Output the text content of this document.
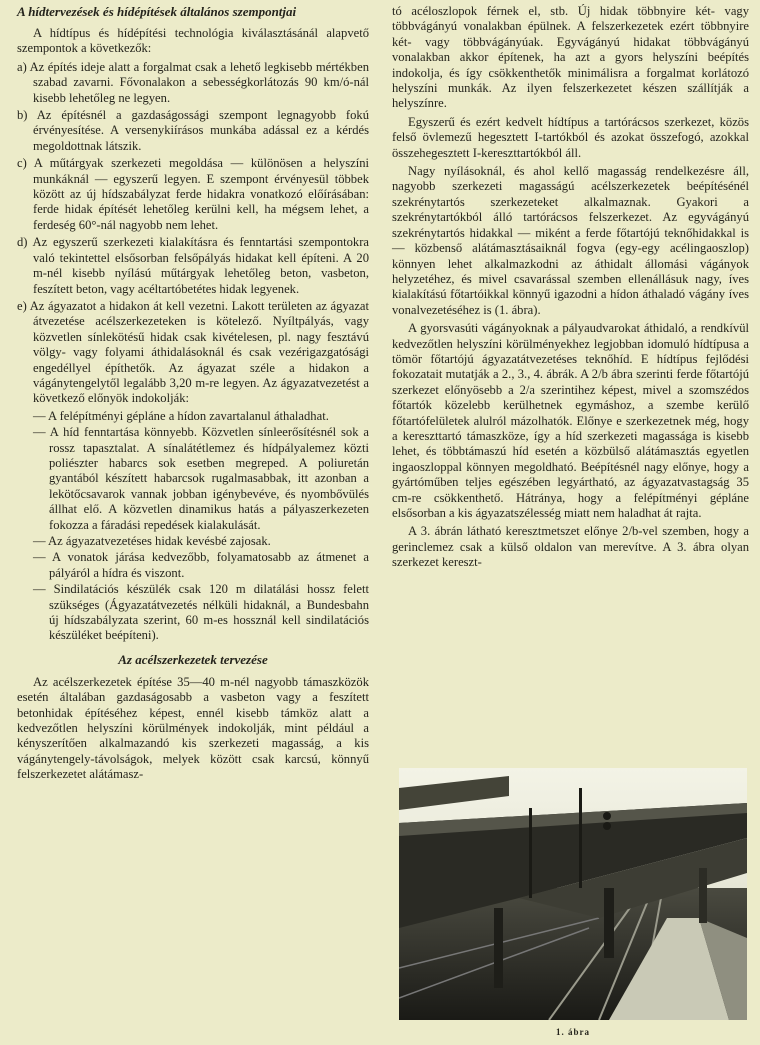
A hídtervezések és hídépítések általános szempontjai

A hídtípus és hídépítési technológia kiválasztásánál alapvető szempontok a következők:

a) Az építés ideje alatt a forgalmat csak a lehető legkisebb mértékben szabad zavarni. Fővonalakon a sebességkorlátozás 90 km/ó-nál kisebb lehetőleg ne legyen.
b) Az építésnél a gazdaságossági szempont legnagyobb fokú érvényesítése. A versenykiírásos munkába adással ez a kérdés megoldottnak látszik.
c) A műtárgyak szerkezeti megoldása — különösen a helyszíni munkáknál — egyszerű legyen. E szempont érvényesül többek között az új hídszabályzat ferde hidakra vonatkozó előírásában: ferde hidak építését lehetőleg kerülni kell, ha mégsem lehet, a ferdeség 60°-nál nagyobb nem lehet.
d) Az egyszerű szerkezeti kialakításra és fenntartási szempontokra való tekintettel elsősorban felsőpályás hidakat kell építeni. A 20 m-nél kisebb nyílású műtárgyak lehetőleg beton, vasbeton, feszített beton, vagy acéltartóbetétes hidak legyenek.
e) Az ágyazatot a hidakon át kell vezetni. Lakott területen az ágyazat átvezetése acélszerkezeteken is kötelező. Nyíltpályás, vagy közvetlen sínlekötésű hidak csak kivételesen, pl. nagy fesztávú völgy- vagy folyami áthidalásoknál és csak vezérigazgatósági engedéllyel építhetők. Az ágyazat széle a hidakon a vágánytengelytől legalább 3,20 m-re legyen. Az ágyazatvezetést a következő előnyök indokolják:
— A felépítményi gépláne a hídon zavartalanul áthaladhat.
— A híd fenntartása könnyebb. Közvetlen sínleerősítésnél sok a rossz tapasztalat. A sínalátétlemez és hídpályalemez közti poliészter habarcs sok esetben megreped. A poliuretán gyantából készített habarcsok rugalmasabbak, itt azonban a lekötőcsavarok vannak jobban igénybevéve, és nyombővülés állhat elő. A közvetlen dinamikus hatás a pályaszerkezeten fokozza a fáradási repedések kialakulását.
— Az ágyazatvezetéses hidak kevésbé zajosak.
— A vonatok járása kedvezőbb, folyamatosabb az átmenet a pályáról a hídra és viszont.
— Sindilatációs készülék csak 120 m dilatálási hossz felett szükséges (Ágyazatátvezetés nélküli hidaknál, a Bundesbahn új hídszabályzata szerint, 60 m-es hossznál kell sindilatációs készüléket beépíteni).
Az acélszerkezetek tervezése

Az acélszerkezetek építése 35—40 m-nél nagyobb támaszközök esetén általában gazdaságosabb a vasbeton vagy a feszített betonhidak építéséhez képest, ennél kisebb támköz alatt a kedvezőtlen helyszíni körülmények indokolják, mint például a kényszerítően alkalmazandó kis szerkezeti magasság, a kis vágánytengely-távolságok, melyek között csak karcsú, könnyű felszerkezetet alátámasz-

tó acéloszlopok férnek el, stb. Új hidak többnyire két- vagy többvágányú vonalakban épülnek. A felszerkezetek ezért többnyire két- vagy többvágányúak. Egyvágányú hidakat többvágányú vonalakban akkor építenek, ha azt a gyors helyszíni beépítés indokolja, és így csökkenthetők minimálisra a forgalmat korlátozó helyszíni munkák. Az ilyen felszerkezetet készen szállítják a helyszínre.

Egyszerű és ezért kedvelt hídtípus a tartórácsos szerkezet, közös felső övlemezű hegesztett I-tartókból és azokat összefogó, azokkal összehegesztett I-kereszttartókból áll.

Nagy nyílásoknál, és ahol kellő magasság rendelkezésre áll, nagyobb szerkezeti magasságú acélszerkezetek beépítésénél szekrénytartós szerkezeteket alkalmaznak. Gyakori a szekrénytartókból álló tartórácsos felszerkezet. Az egyvágányú szekrénytartós hidakkal — miként a ferde főtartójú teknőhidakkal is — közbenső alátámasztásaiknál fogva (egy-egy acélingaoszlop) könnyen lehet alkalmazkodni az áthidalt állomási vágányok helyzetéhez, és mivel csavarással szemben ellenállásuk nagy, íves kialakítású főtartóikkal könnyű igazodni a hídon áthaladó vágány íves vonalvezetéséhez is (1. ábra).

A gyorsvasúti vágányoknak a pályaudvarokat áthidaló, a rendkívül kedvezőtlen helyszíni körülményekhez legjobban idomuló hídtípusa a tömör főtartójú ágyazatátvezetéses teknőhíd. E hídtípus fejlődési fokozatait mutatják a 2., 3., 4. ábrák. A 2/b ábra szerinti ferde főtartójú szerkezet előnyösebb a 2/a szerintihez képest, mivel a szomszédos főtartók közelebb kerülhetnek egymáshoz, a szembe kerülő főtartófelületek alulról mázolhatók. Előnye e szerkezetnek még, hogy a kereszttartó támaszköze, így a híd szerkezeti magassága is kisebb lehet, és többtámaszú híd esetén a közbülső alátámasztás egyetlen ingaoszloppal könnyen megoldható. Beépítésnél nagy előnye, hogy a gyártóműben teljes egészében legyártható, az ágyazatvastagság 35 cm-re csökkenthető. Hátránya, hogy a felépítményi gépláne elsősorban a kis ágyazatszélesség miatt nem haladhat át rajta.

A 3. ábrán látható keresztmetszet előnye 2/b-vel szemben, hogy a gerinclemez csak a külső oldalon van merevítve. A 3. ábra olyan szerkezet kereszt-

1. ábra
